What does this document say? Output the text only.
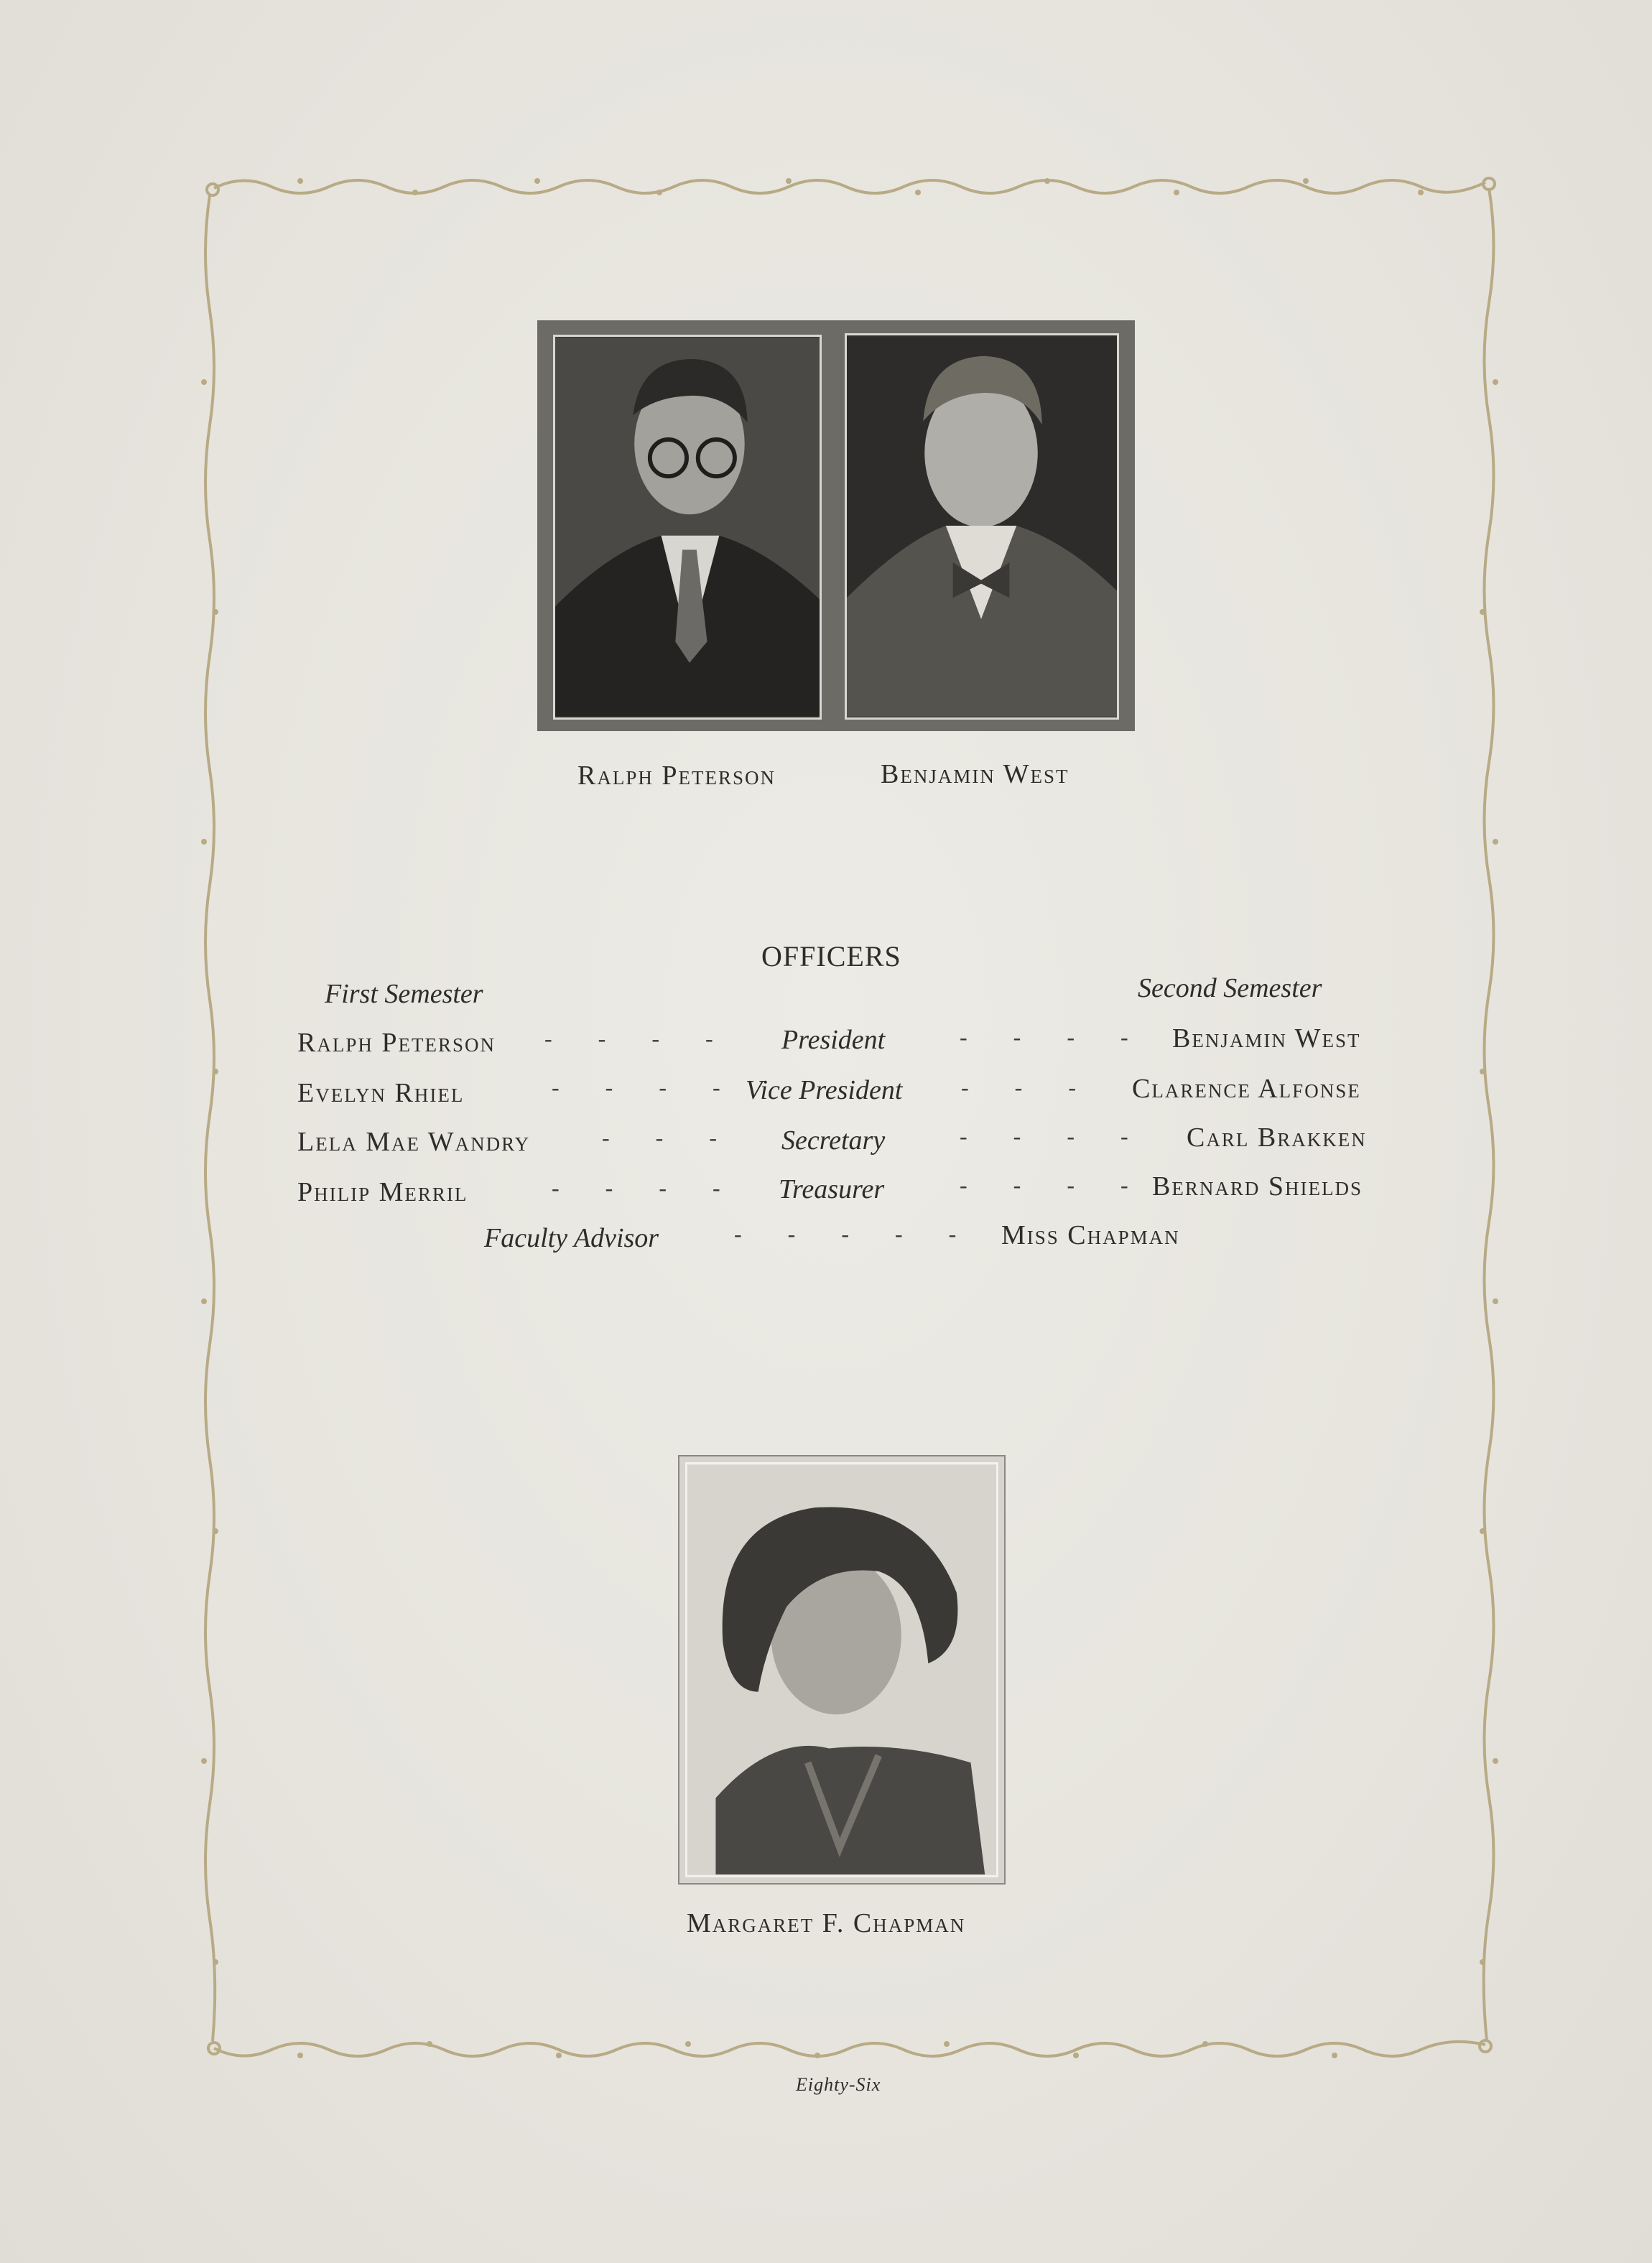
Ralph Peterson	Benjamin West
OFFICERS
First Semester	Second Semester
Ralph Peterson - - - - President	- - - - Benjamin West
Evelyn Rhiel	- - - - Vice President	- - - Clarence Alfonse
Lela Mae Wandry	- - - Secretary	- - - - Carl Brakken
Philip Merril	- - - - Treasurer	- - - - Bernard Shields
Faculty Advisor	- - - - - Miss Chapman
Margaret F. Chapman
Eighty-Six
